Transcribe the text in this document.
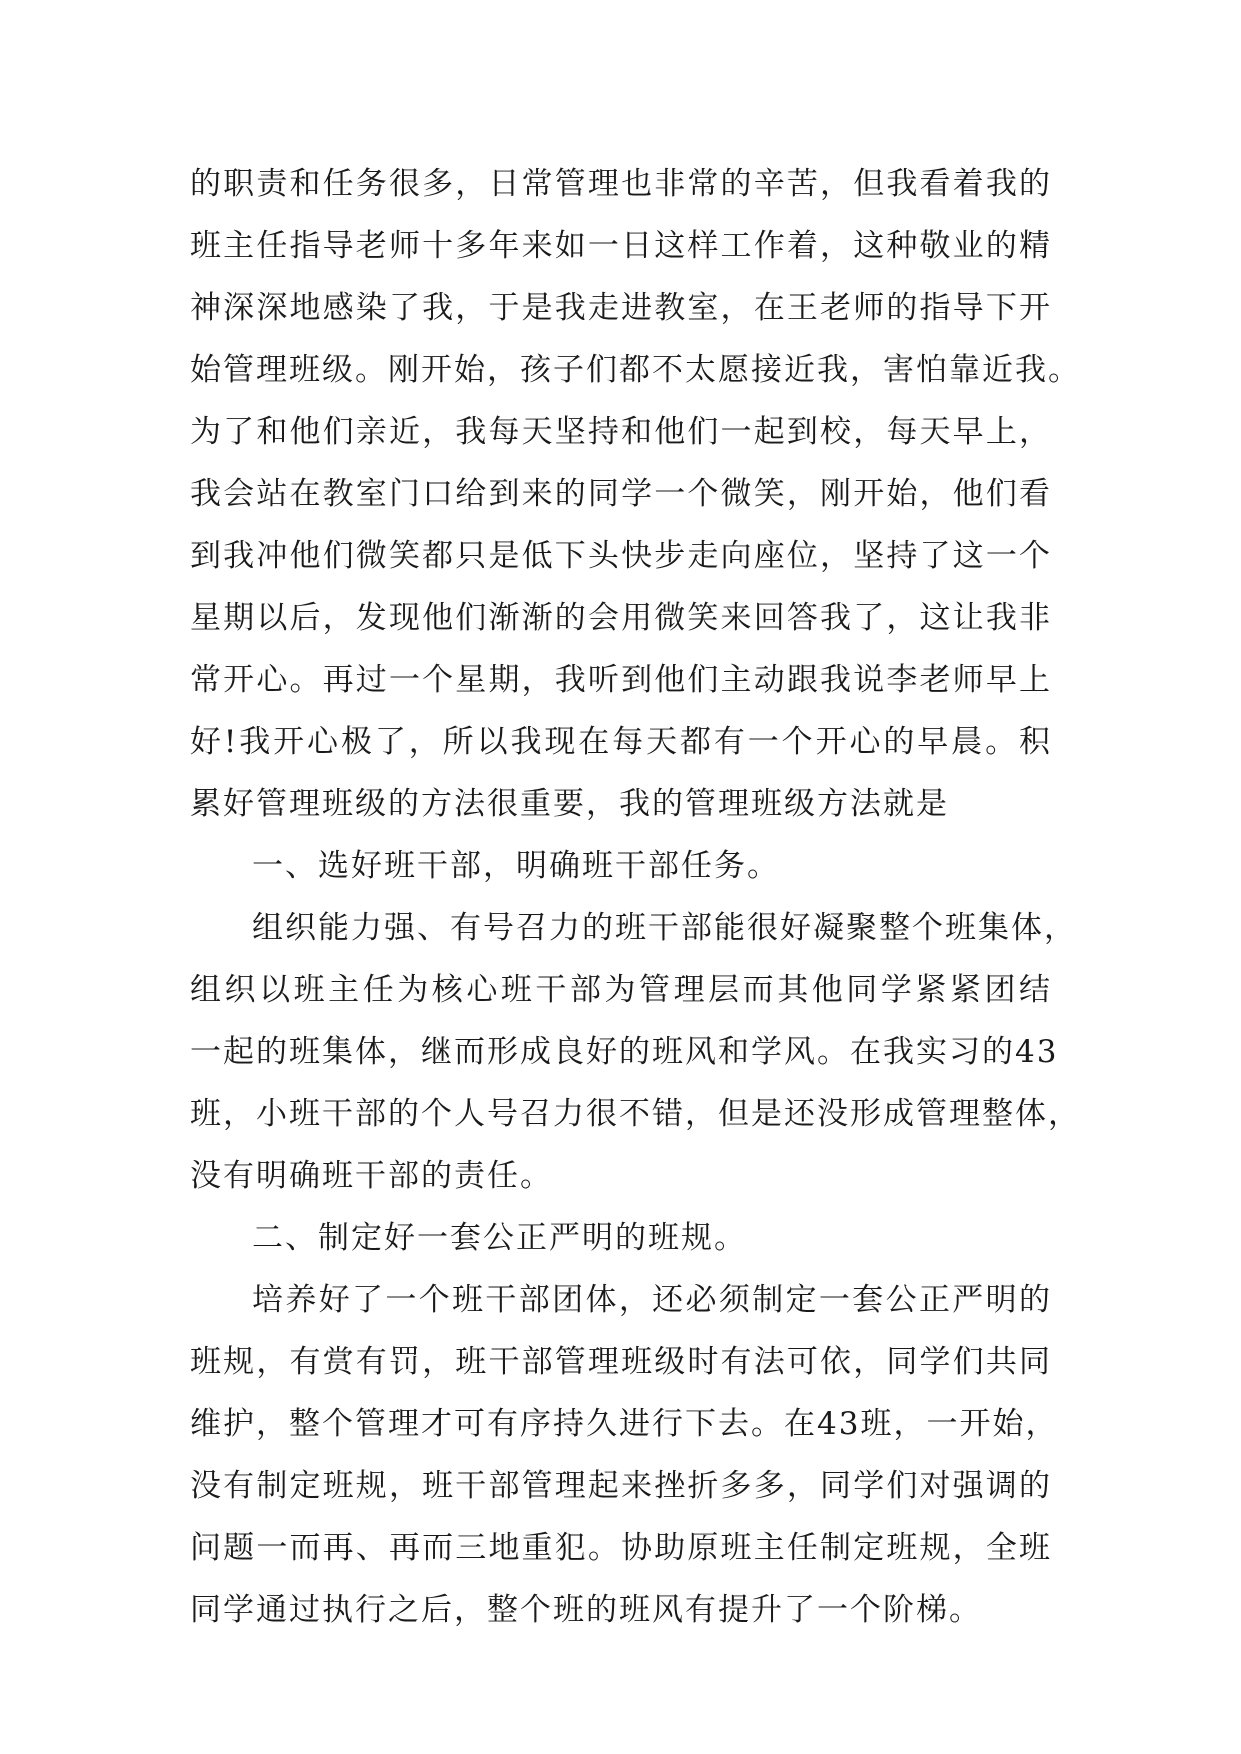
的职责和任务很多，日常管理也非常的辛苦，但我看着我的
班主任指导老师十多年来如一日这样工作着，这种敬业的精
神深深地感染了我，于是我走进教室，在王老师的指导下开
始管理班级。刚开始，孩子们都不太愿接近我，害怕靠近我。
为了和他们亲近，我每天坚持和他们一起到校，每天早上，
我会站在教室门口给到来的同学一个微笑，刚开始，他们看
到我冲他们微笑都只是低下头快步走向座位，坚持了这一个
星期以后，发现他们渐渐的会用微笑来回答我了，这让我非
常开心。再过一个星期，我听到他们主动跟我说李老师早上
好!我开心极了，所以我现在每天都有一个开心的早晨。积
累好管理班级的方法很重要，我的管理班级方法就是
一、选好班干部，明确班干部任务。
组织能力强、有号召力的班干部能很好凝聚整个班集体，
组织以班主任为核心班干部为管理层而其他同学紧紧团结
一起的班集体，继而形成良好的班风和学风。在我实习的43
班，小班干部的个人号召力很不错，但是还没形成管理整体，
没有明确班干部的责任。
二、制定好一套公正严明的班规。
培养好了一个班干部团体，还必须制定一套公正严明的
班规，有赏有罚，班干部管理班级时有法可依，同学们共同
维护，整个管理才可有序持久进行下去。在43班，一开始，
没有制定班规，班干部管理起来挫折多多，同学们对强调的
问题一而再、再而三地重犯。协助原班主任制定班规，全班
同学通过执行之后，整个班的班风有提升了一个阶梯。
